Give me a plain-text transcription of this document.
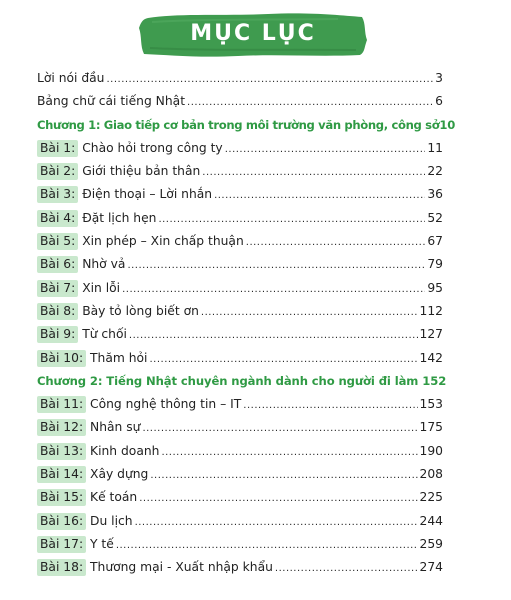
MỤC LỤC
Lời nói đầu .....	3
Bảng chữ cái tiếng Nhật .....	6
Chương 1: Giao tiếp cơ bản trong môi trường văn phòng, công sở 10
Bài 1: Chào hỏi trong công ty .....	11
Bài 2: Giới thiệu bản thân .....	22
Bài 3: Điện thoại – Lời nhắn .....	36
Bài 4: Đặt lịch hẹn .....	52
Bài 5: Xin phép – Xin chấp thuận .....	67
Bài 6: Nhờ vả .....	79
Bài 7: Xin lỗi .....	95
Bài 8: Bày tỏ lòng biết ơn .....	112
Bài 9: Từ chối .....	127
Bài 10: Thăm hỏi .....	142
Chương 2: Tiếng Nhật chuyên ngành dành cho người đi làm 152
Bài 11: Công nghệ thông tin – IT .....	153
Bài 12: Nhân sự .....	175
Bài 13: Kinh doanh .....	190
Bài 14: Xây dựng .....	208
Bài 15: Kế toán .....	225
Bài 16: Du lịch .....	244
Bài 17: Y tế .....	259
Bài 18: Thương mại - Xuất nhập khẩu .....	274
